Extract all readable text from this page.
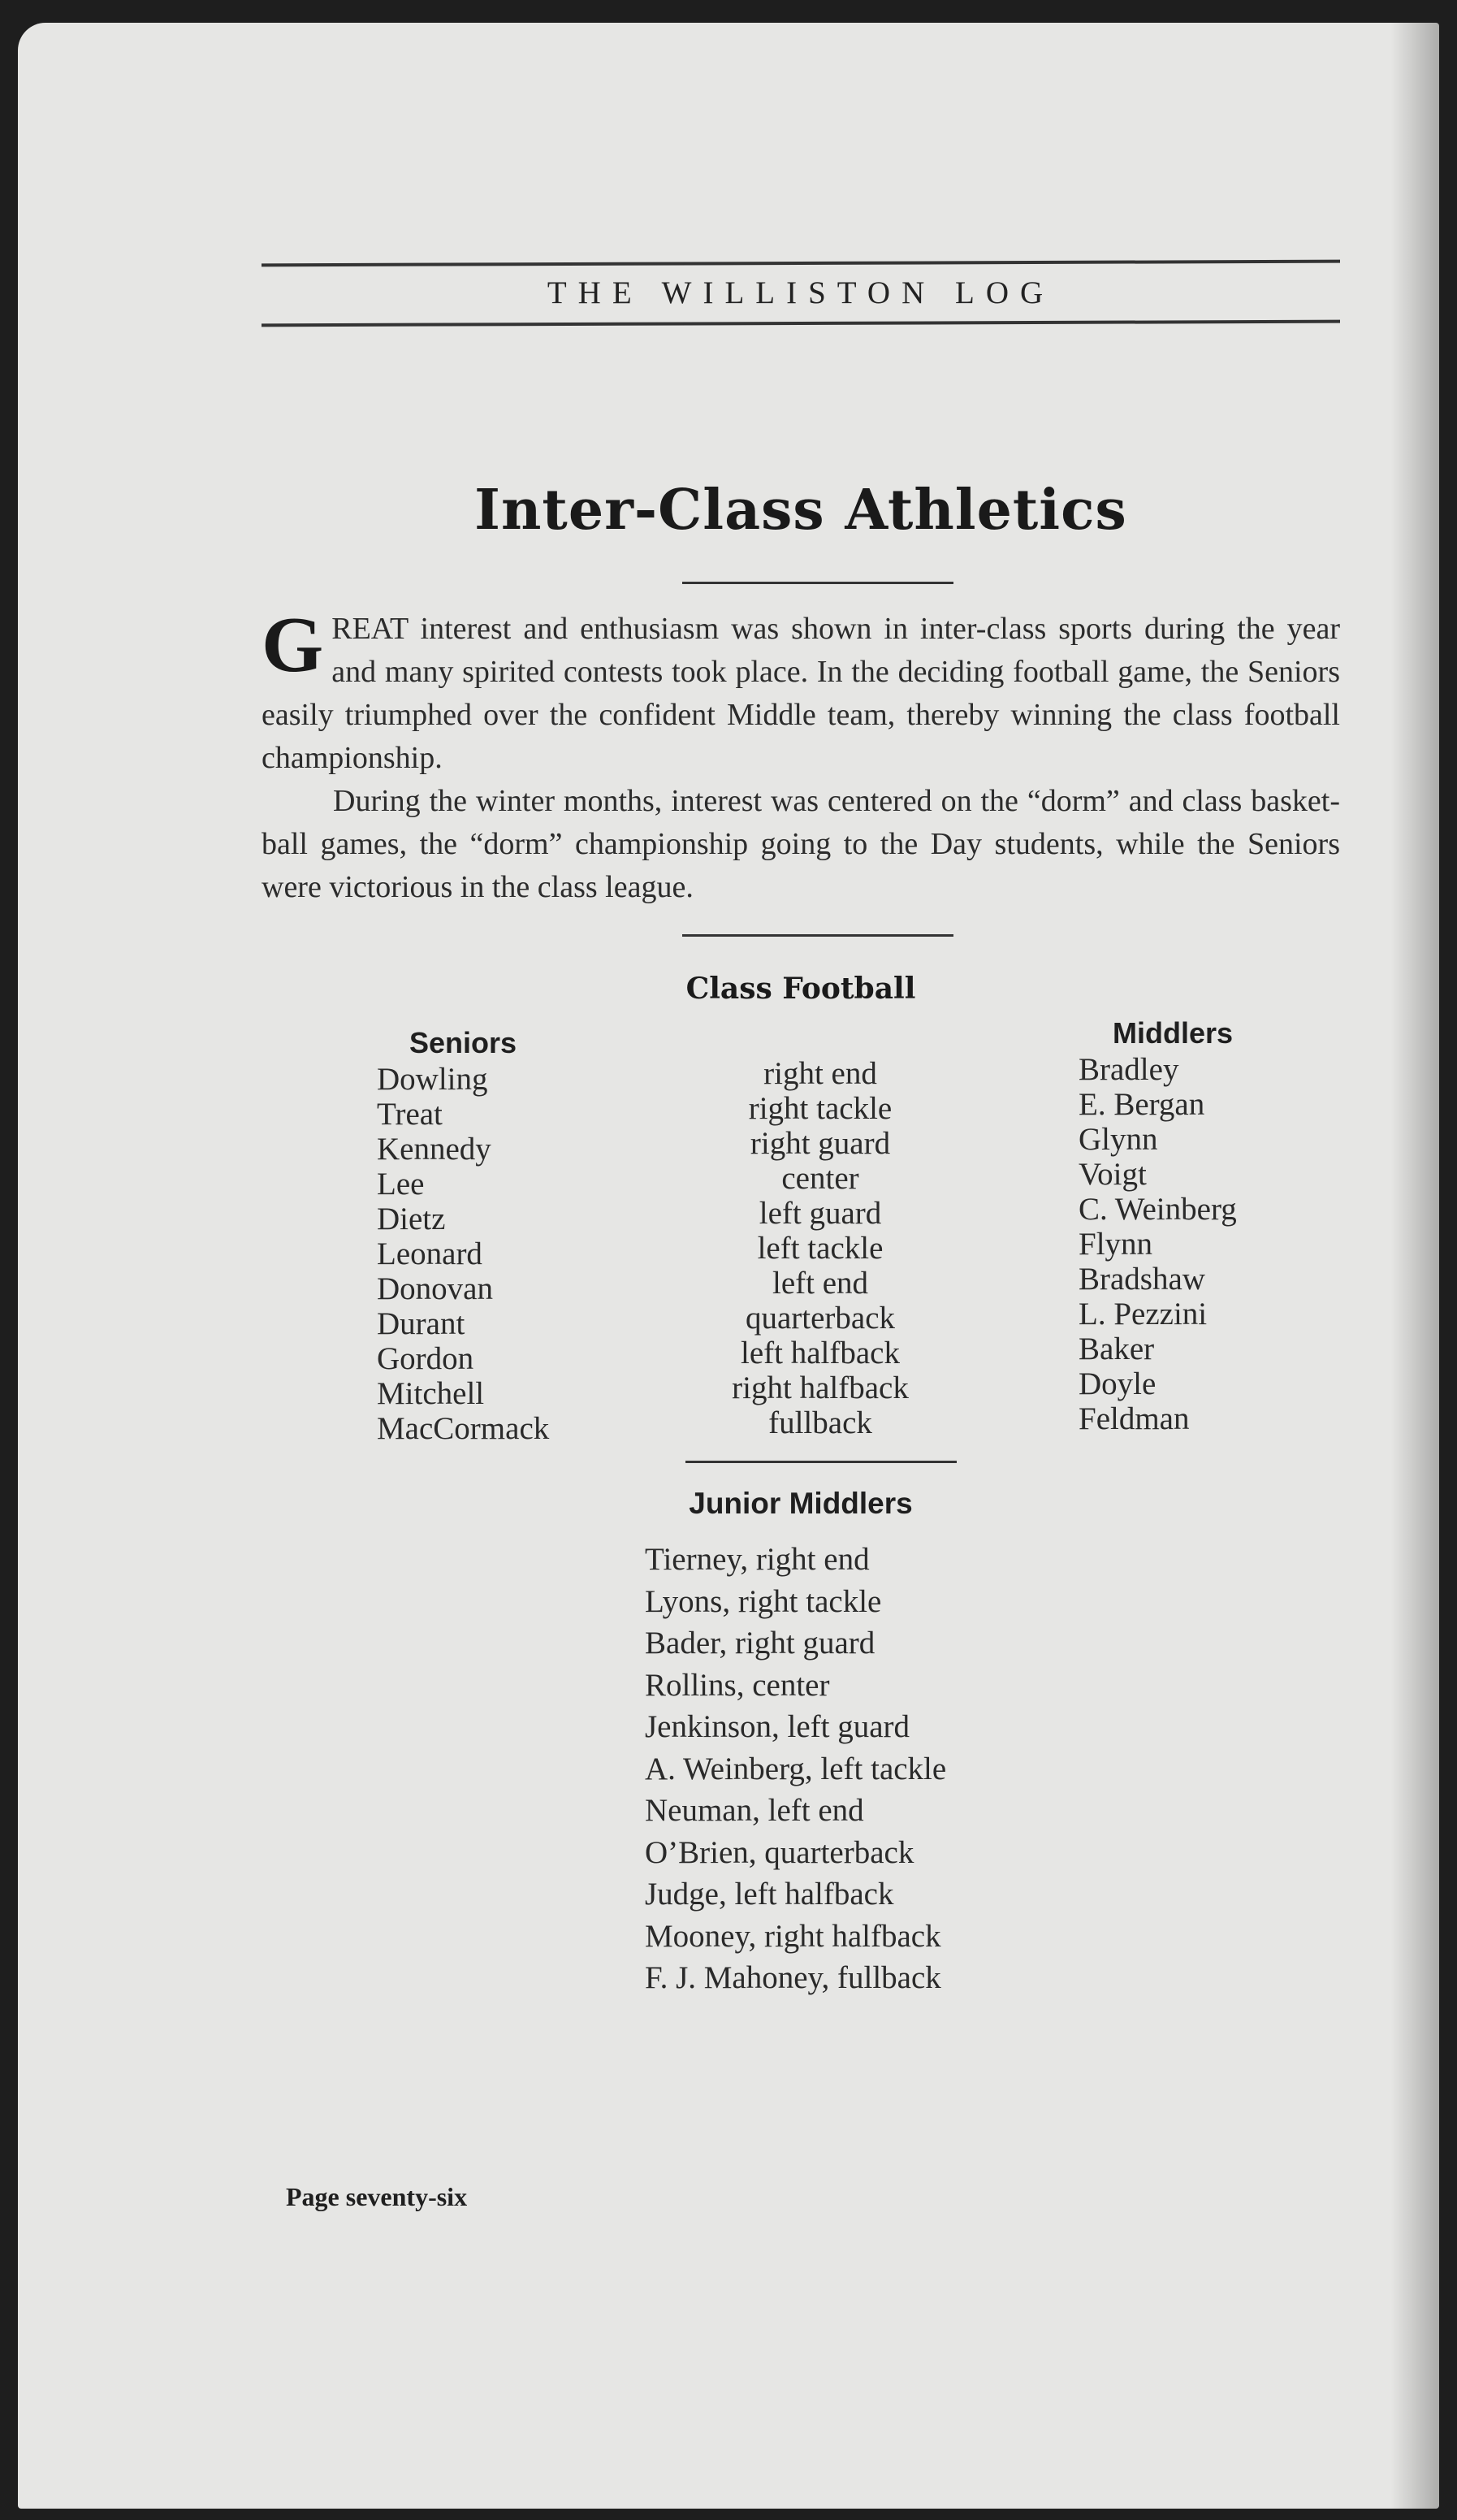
THE WILLISTON LOG
Inter-Class Athletics

GREAT interest and enthusiasm was shown in inter-class sports during the year and many spirited contests took place. In the deciding football game, the Seniors easily triumphed over the confident Middle team, thereby winning the class football championship.

During the winter months, interest was centered on the “dorm” and class basket-ball games, the “dorm” championship going to the Day students, while the Seniors were victorious in the class league.

Class Football
Seniors
Dowling
Treat
Kennedy
Lee
Dietz
Leonard
Donovan
Durant
Gordon
Mitchell
MacCormack
right end
right tackle
right guard
center
left guard
left tackle
left end
quarterback
left halfback
right halfback
fullback
Middlers
Bradley
E. Bergan
Glynn
Voigt
C. Weinberg
Flynn
Bradshaw
L. Pezzini
Baker
Doyle
Feldman
Junior Middlers
Tierney, right end
Lyons, right tackle
Bader, right guard
Rollins, center
Jenkinson, left guard
A. Weinberg, left tackle
Neuman, left end
O’Brien, quarterback
Judge, left halfback
Mooney, right halfback
F. J. Mahoney, fullback
Page seventy-six
